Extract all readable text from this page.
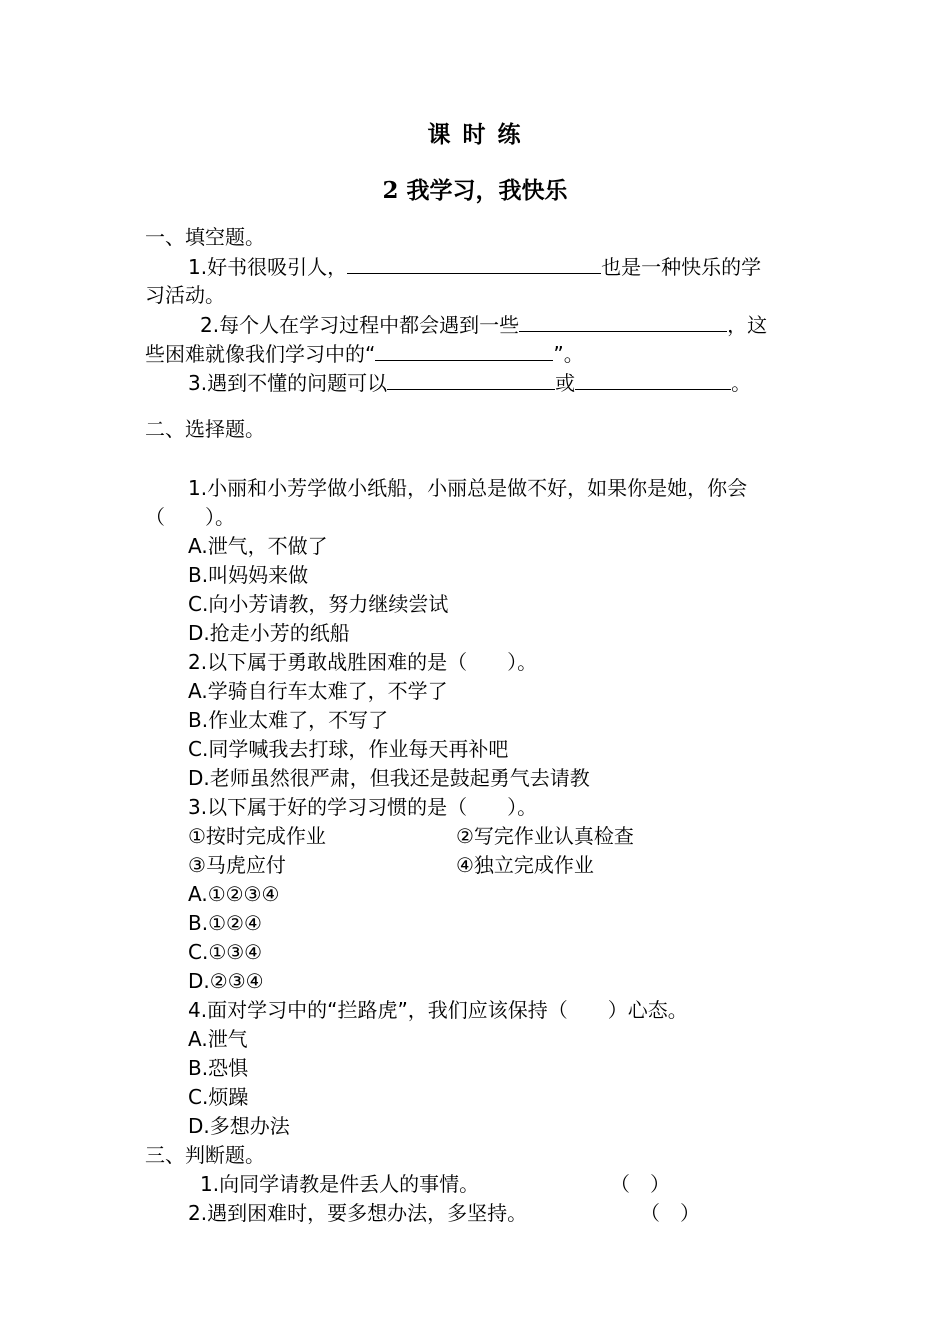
课 时 练
2 我学习，我快乐
一、填空题。
1.好书很吸引人，	也是一种快乐的学
习活动。
2.每个人在学习过程中都会遇到一些	，这
些困难就像我们学习中的“	”。
3.遇到不懂的问题可以	或	。
二、选择题。
1.小丽和小芳学做小纸船，小丽总是做不好，如果你是她，你会
（　　）。
A.泄气，不做了
B.叫妈妈来做
C.向小芳请教，努力继续尝试
D.抢走小芳的纸船
2.以下属于勇敢战胜困难的是（　　）。
A.学骑自行车太难了，不学了
B.作业太难了，不写了
C.同学喊我去打球，作业每天再补吧
D.老师虽然很严肃，但我还是鼓起勇气去请教
3.以下属于好的学习习惯的是（　　）。
①按时完成作业	②写完作业认真检查
③马虎应付	④独立完成作业
A.①②③④
B.①②④
C.①③④
D.②③④
4.面对学习中的“拦路虎”，我们应该保持（　　）心态。
A.泄气
B.恐惧
C.烦躁
D.多想办法
三、判断题。
1.向同学请教是件丢人的事情。	（　）
2.遇到困难时，要多想办法，多坚持。	（　）
